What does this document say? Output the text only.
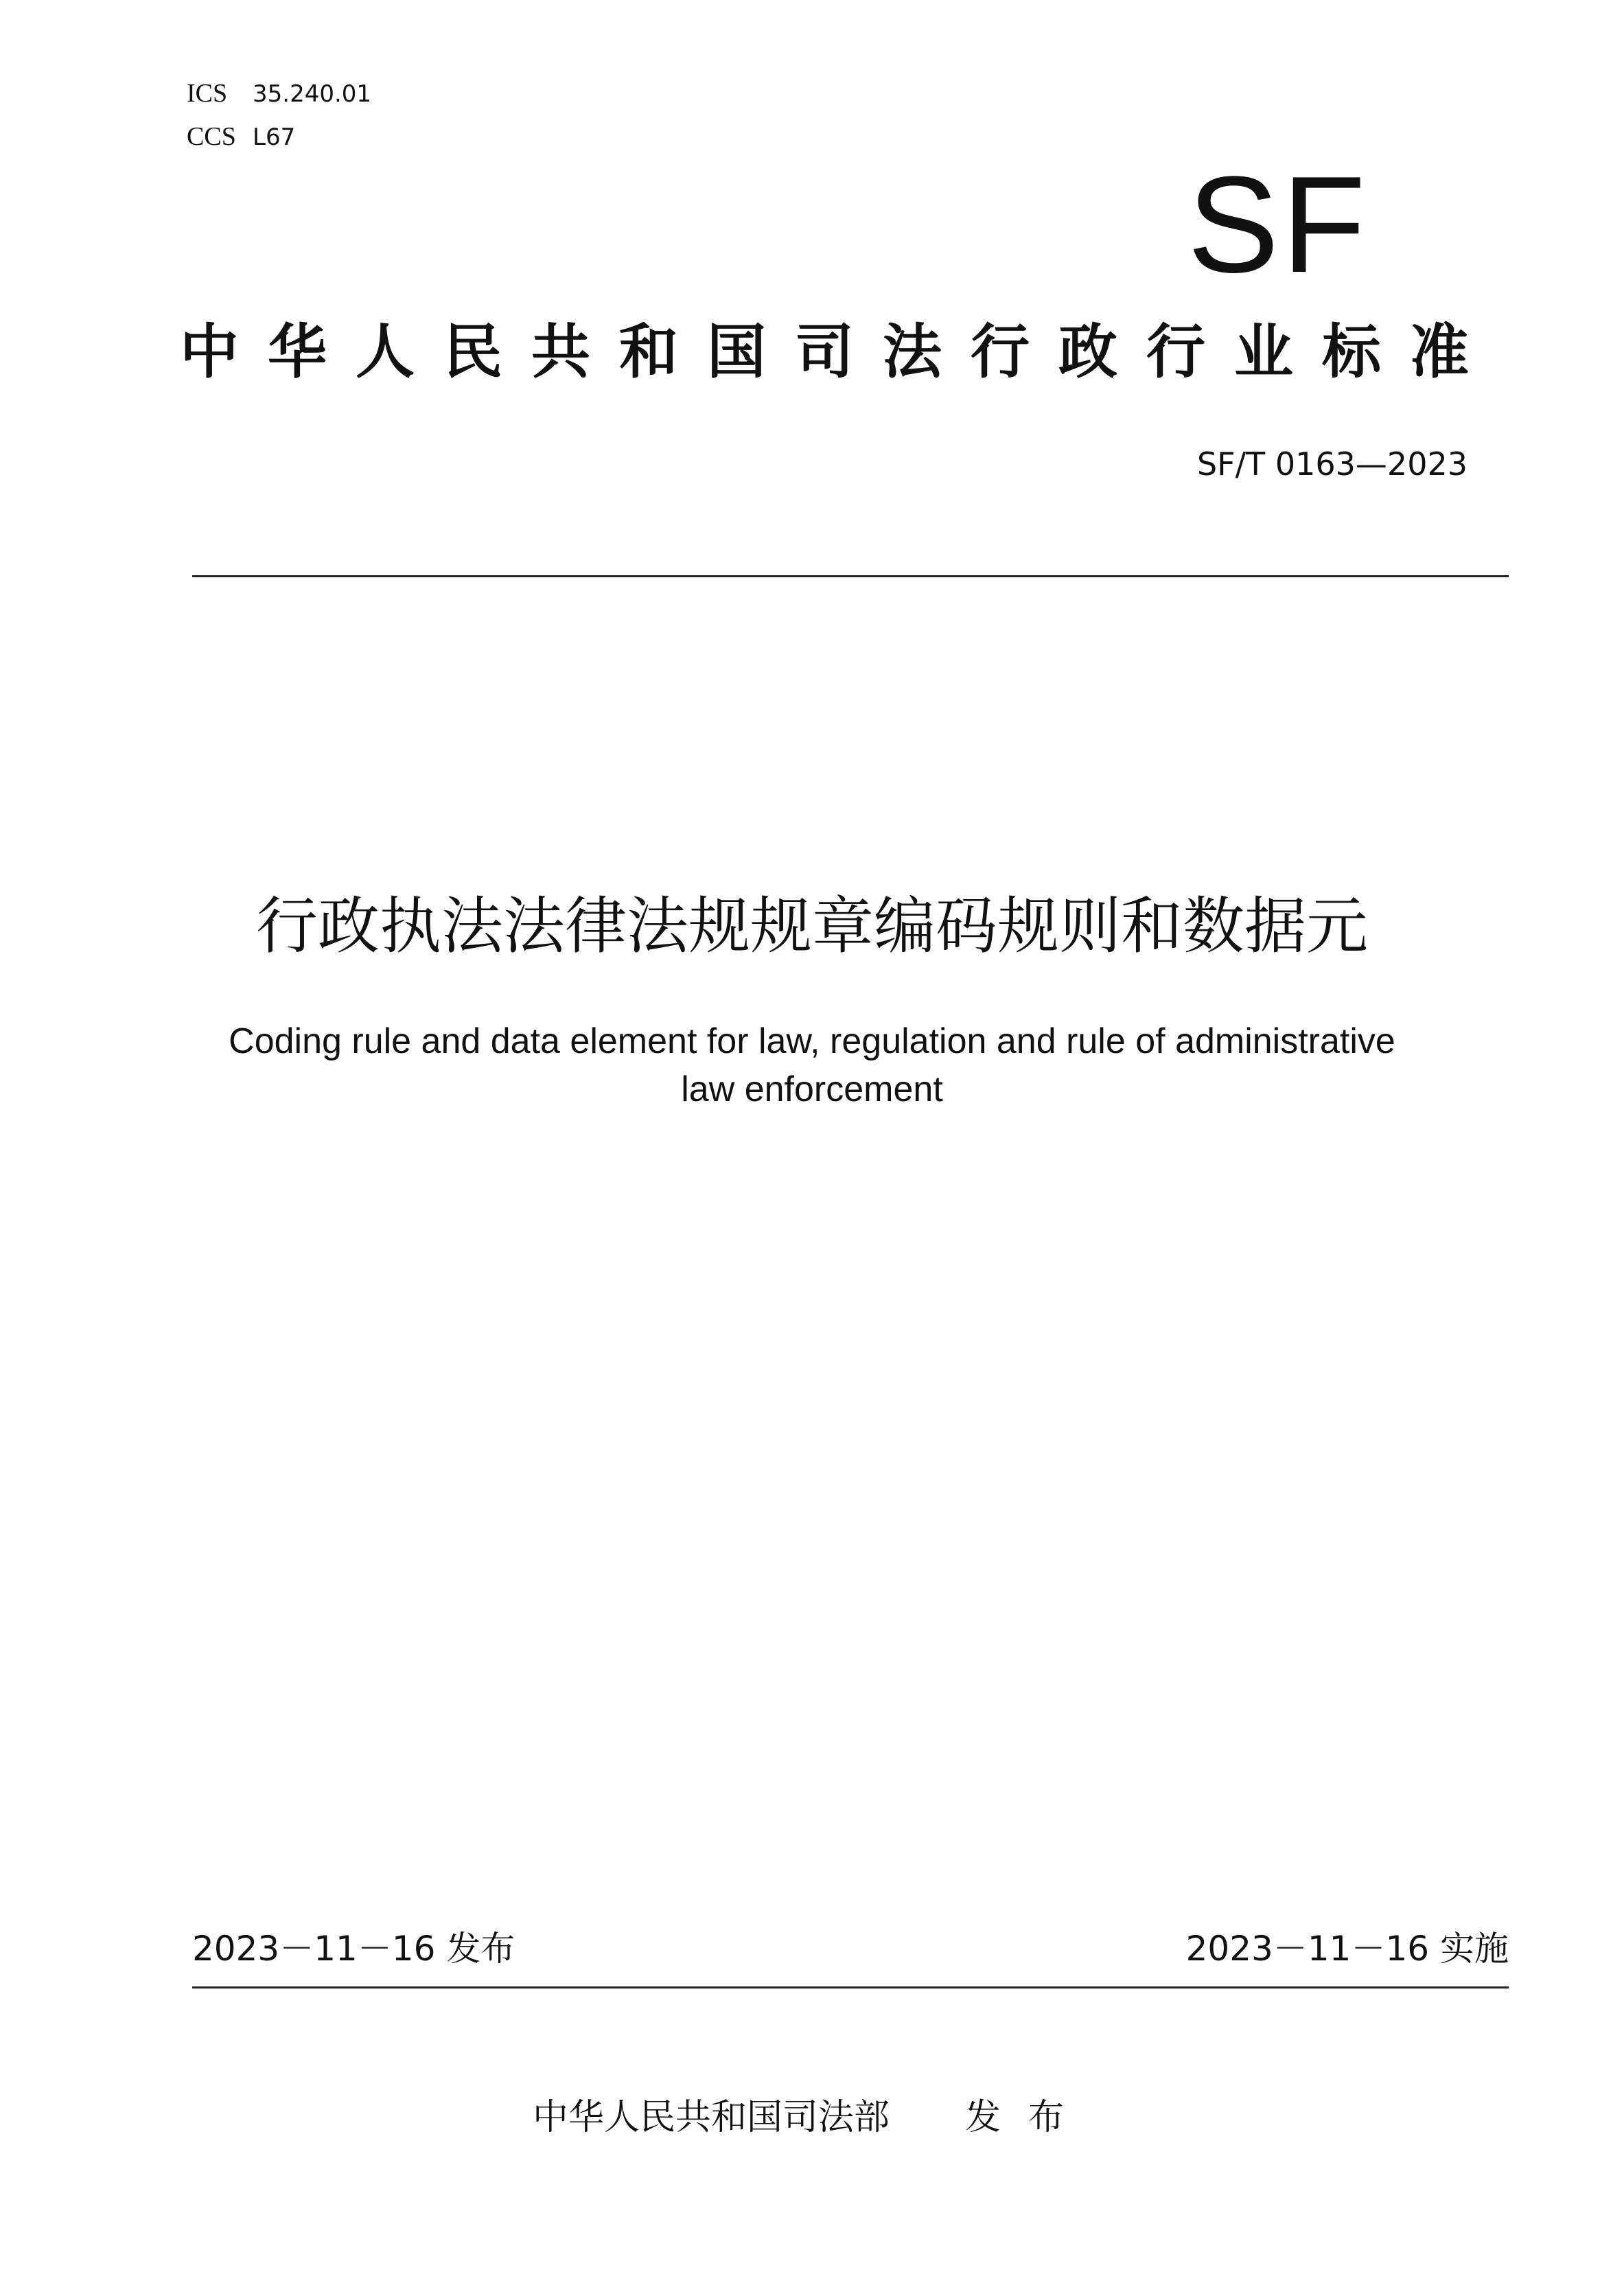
ICS 35.240.01
CCS L67
SF
中华人民共和国司法行政行业标准
SF/T 0163—2023
行政执法法律法规规章编码规则和数据元
Coding rule and data element for law, regulation and rule of administrative law enforcement
2023－11－16 发布	2023－11－16 实施
中华人民共和国司法部 发布
